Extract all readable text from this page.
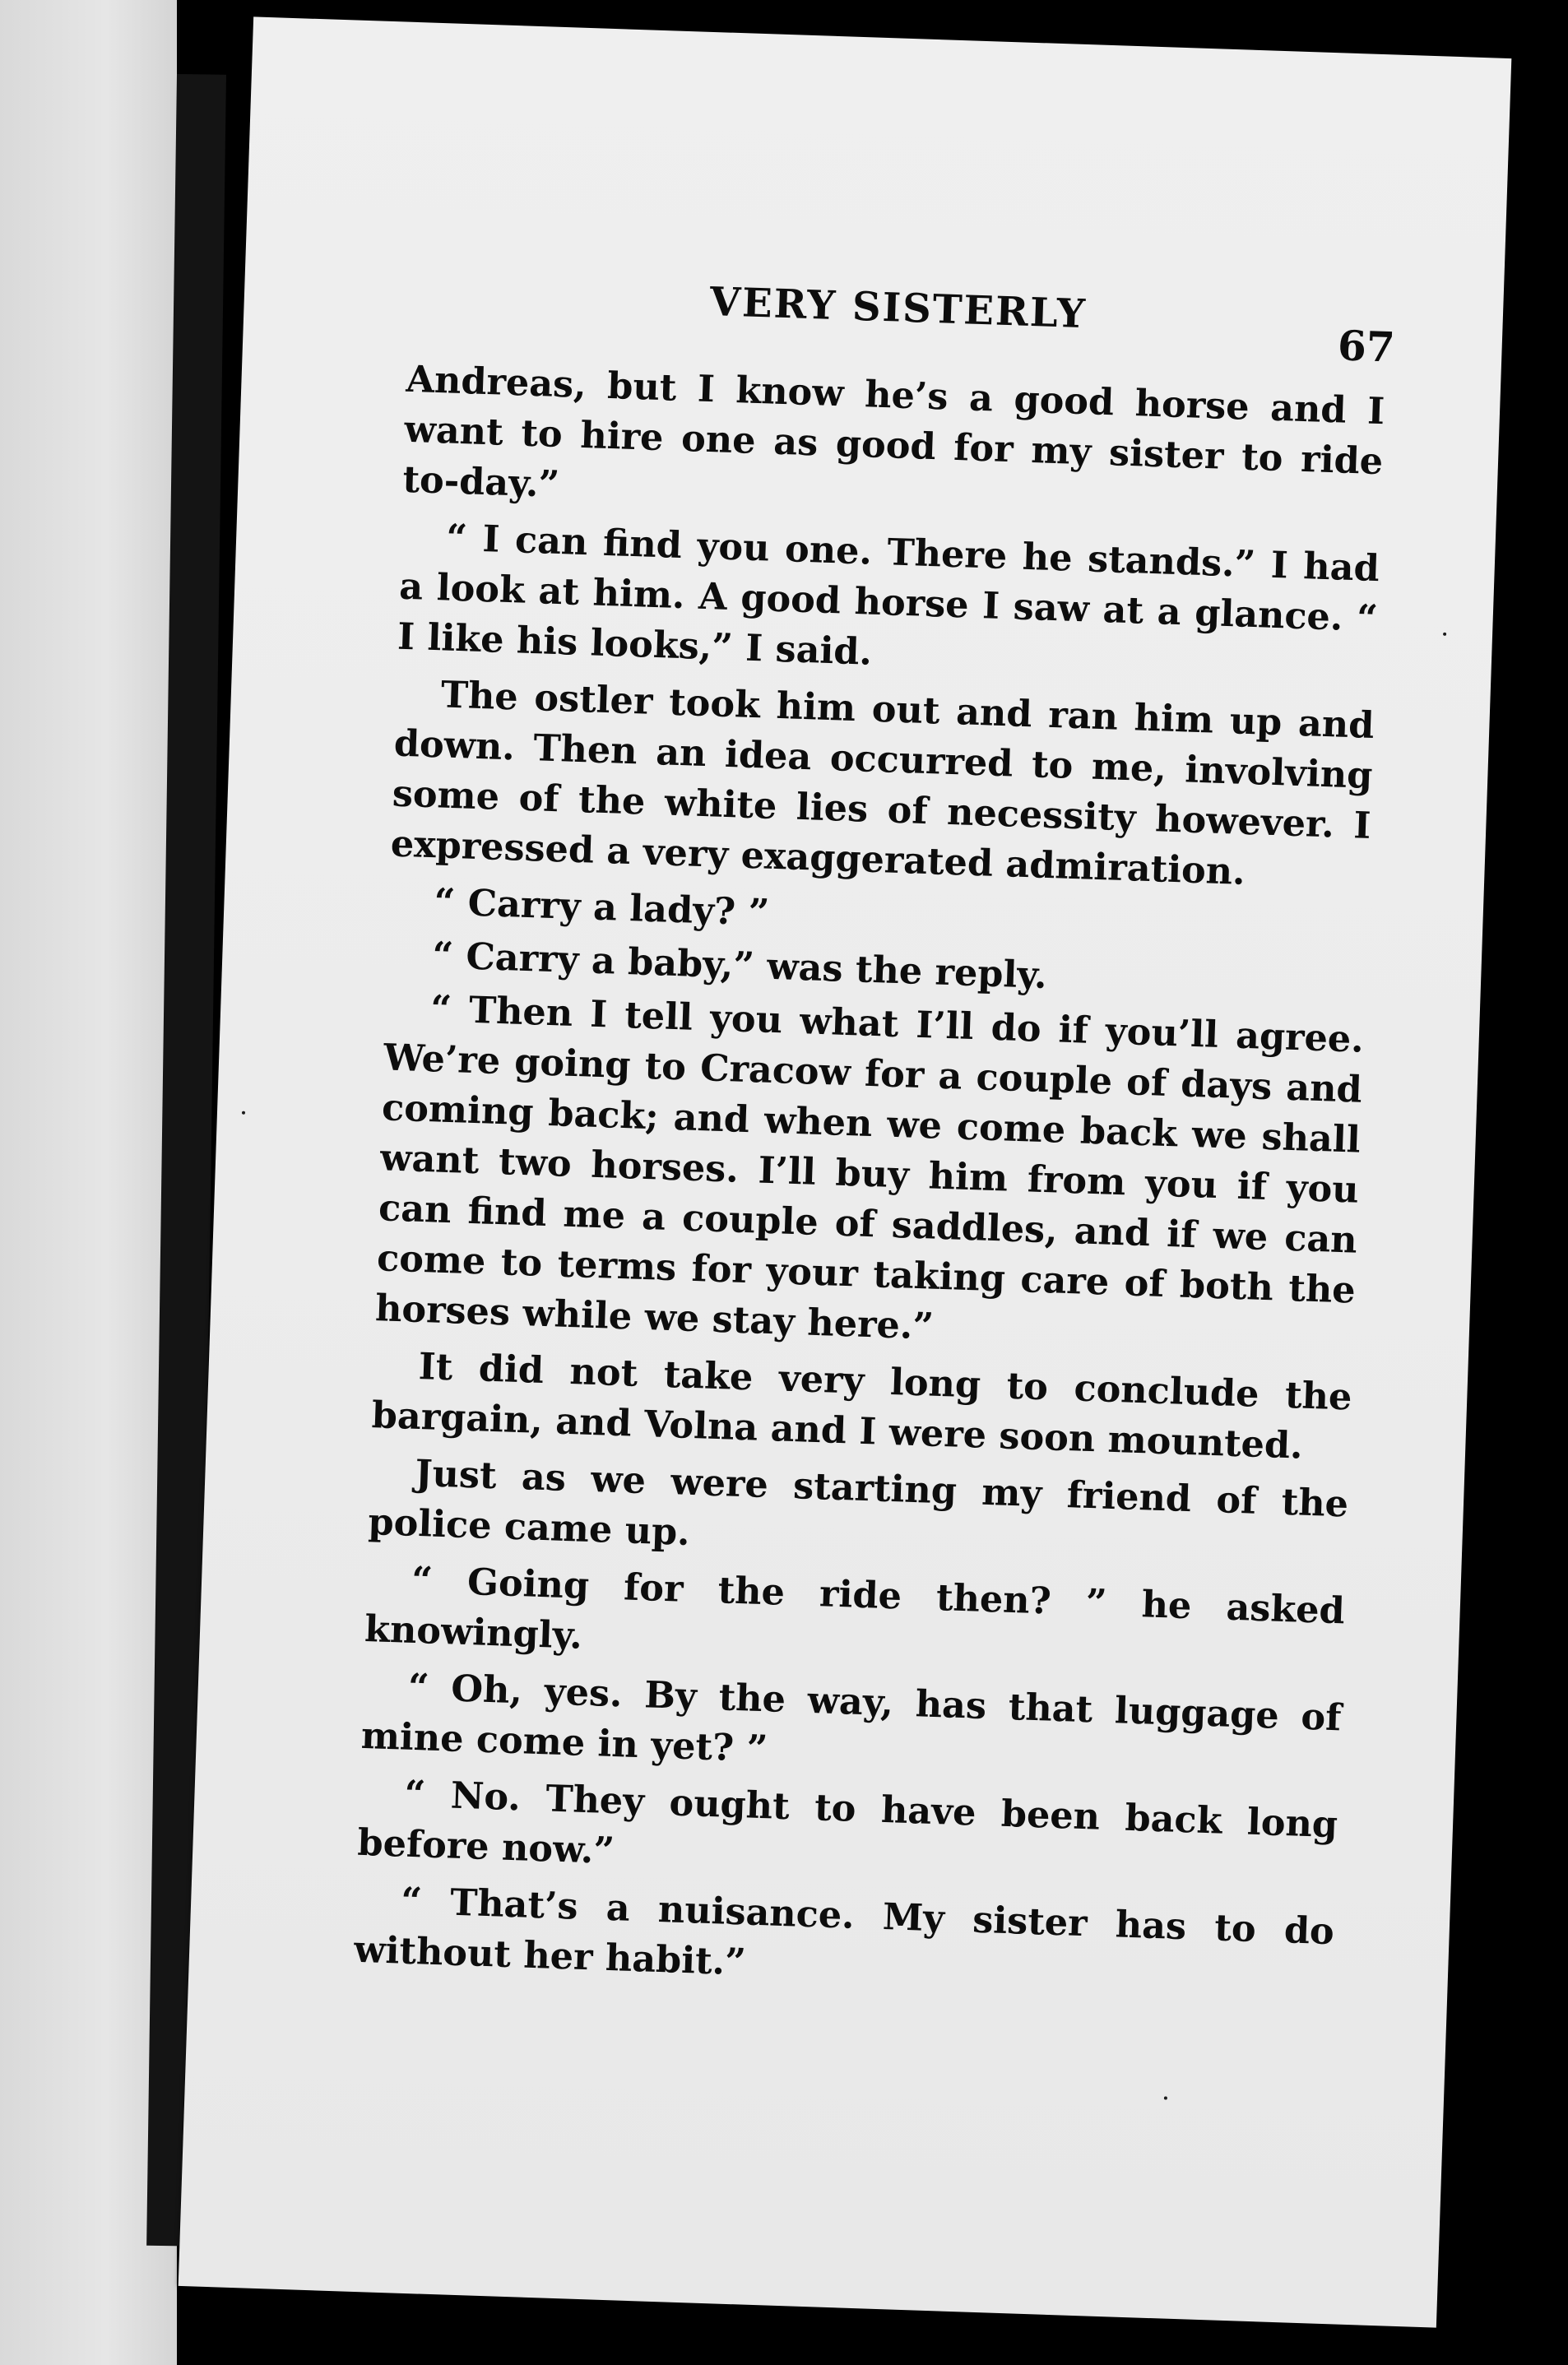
VERY SISTERLY
67

Andreas, but I know he’s a good horse and I want to hire one as good for my sister to ride to-day.”

“ I can find you one. There he stands.” I had a look at him. A good horse I saw at a glance. “ I like his looks,” I said.

The ostler took him out and ran him up and down. Then an idea occurred to me, involving some of the white lies of necessity however. I expressed a very exaggerated admiration.

“ Carry a lady? ”

“ Carry a baby,” was the reply.

“ Then I tell you what I’ll do if you’ll agree. We’re going to Cracow for a couple of days and coming back; and when we come back we shall want two horses. I’ll buy him from you if you can find me a couple of saddles, and if we can come to terms for your taking care of both the horses while we stay here.”

It did not take very long to conclude the bargain, and Volna and I were soon mounted.

Just as we were starting my friend of the police came up.

“ Going for the ride then? ” he asked knowingly.

“ Oh, yes. By the way, has that luggage of mine come in yet? ”

“ No. They ought to have been back long before now.”

“ That’s a nuisance. My sister has to do without her habit.”
